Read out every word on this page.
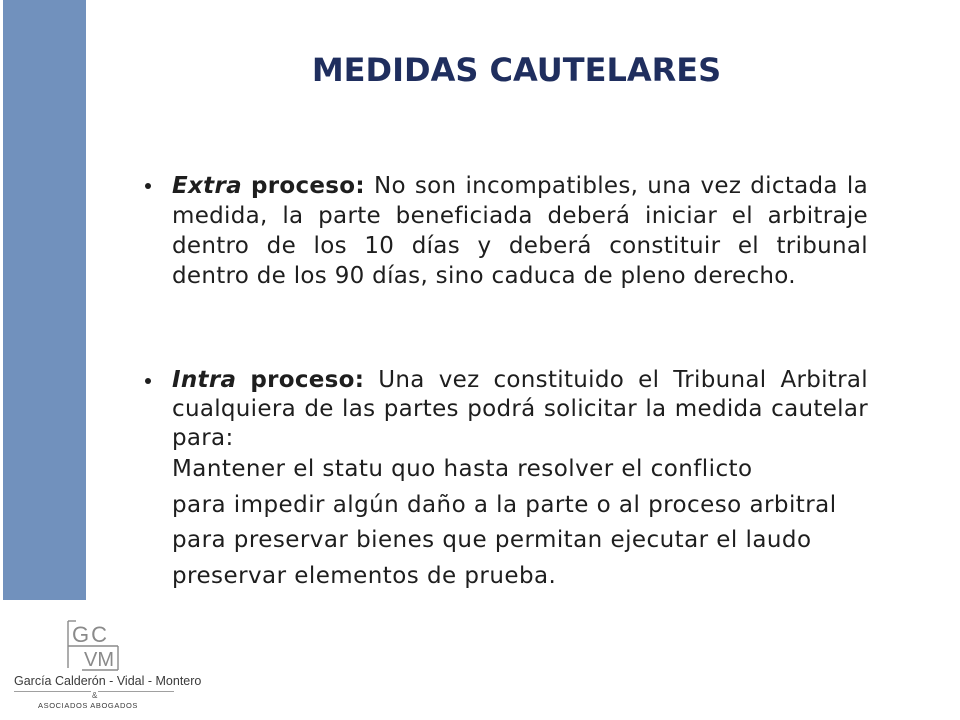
MEDIDAS CAUTELARES
Extra proceso: No son incompatibles, una vez dictada la
medida, la parte beneficiada deberá iniciar el arbitraje
dentro de los 10 días y deberá constituir el tribunal
dentro de los 90 días, sino caduca de pleno derecho.
Intra proceso: Una vez constituido el Tribunal Arbitral
cualquiera de las partes podrá solicitar la medida cautelar
para:
Mantener el statu quo hasta resolver el conflicto
para impedir algún daño a la parte o al proceso arbitral
para preservar bienes que permitan ejecutar el laudo
preservar elementos de prueba.
GC
VM
García Calderón - Vidal - Montero
&
ASOCIADOS ABOGADOS
